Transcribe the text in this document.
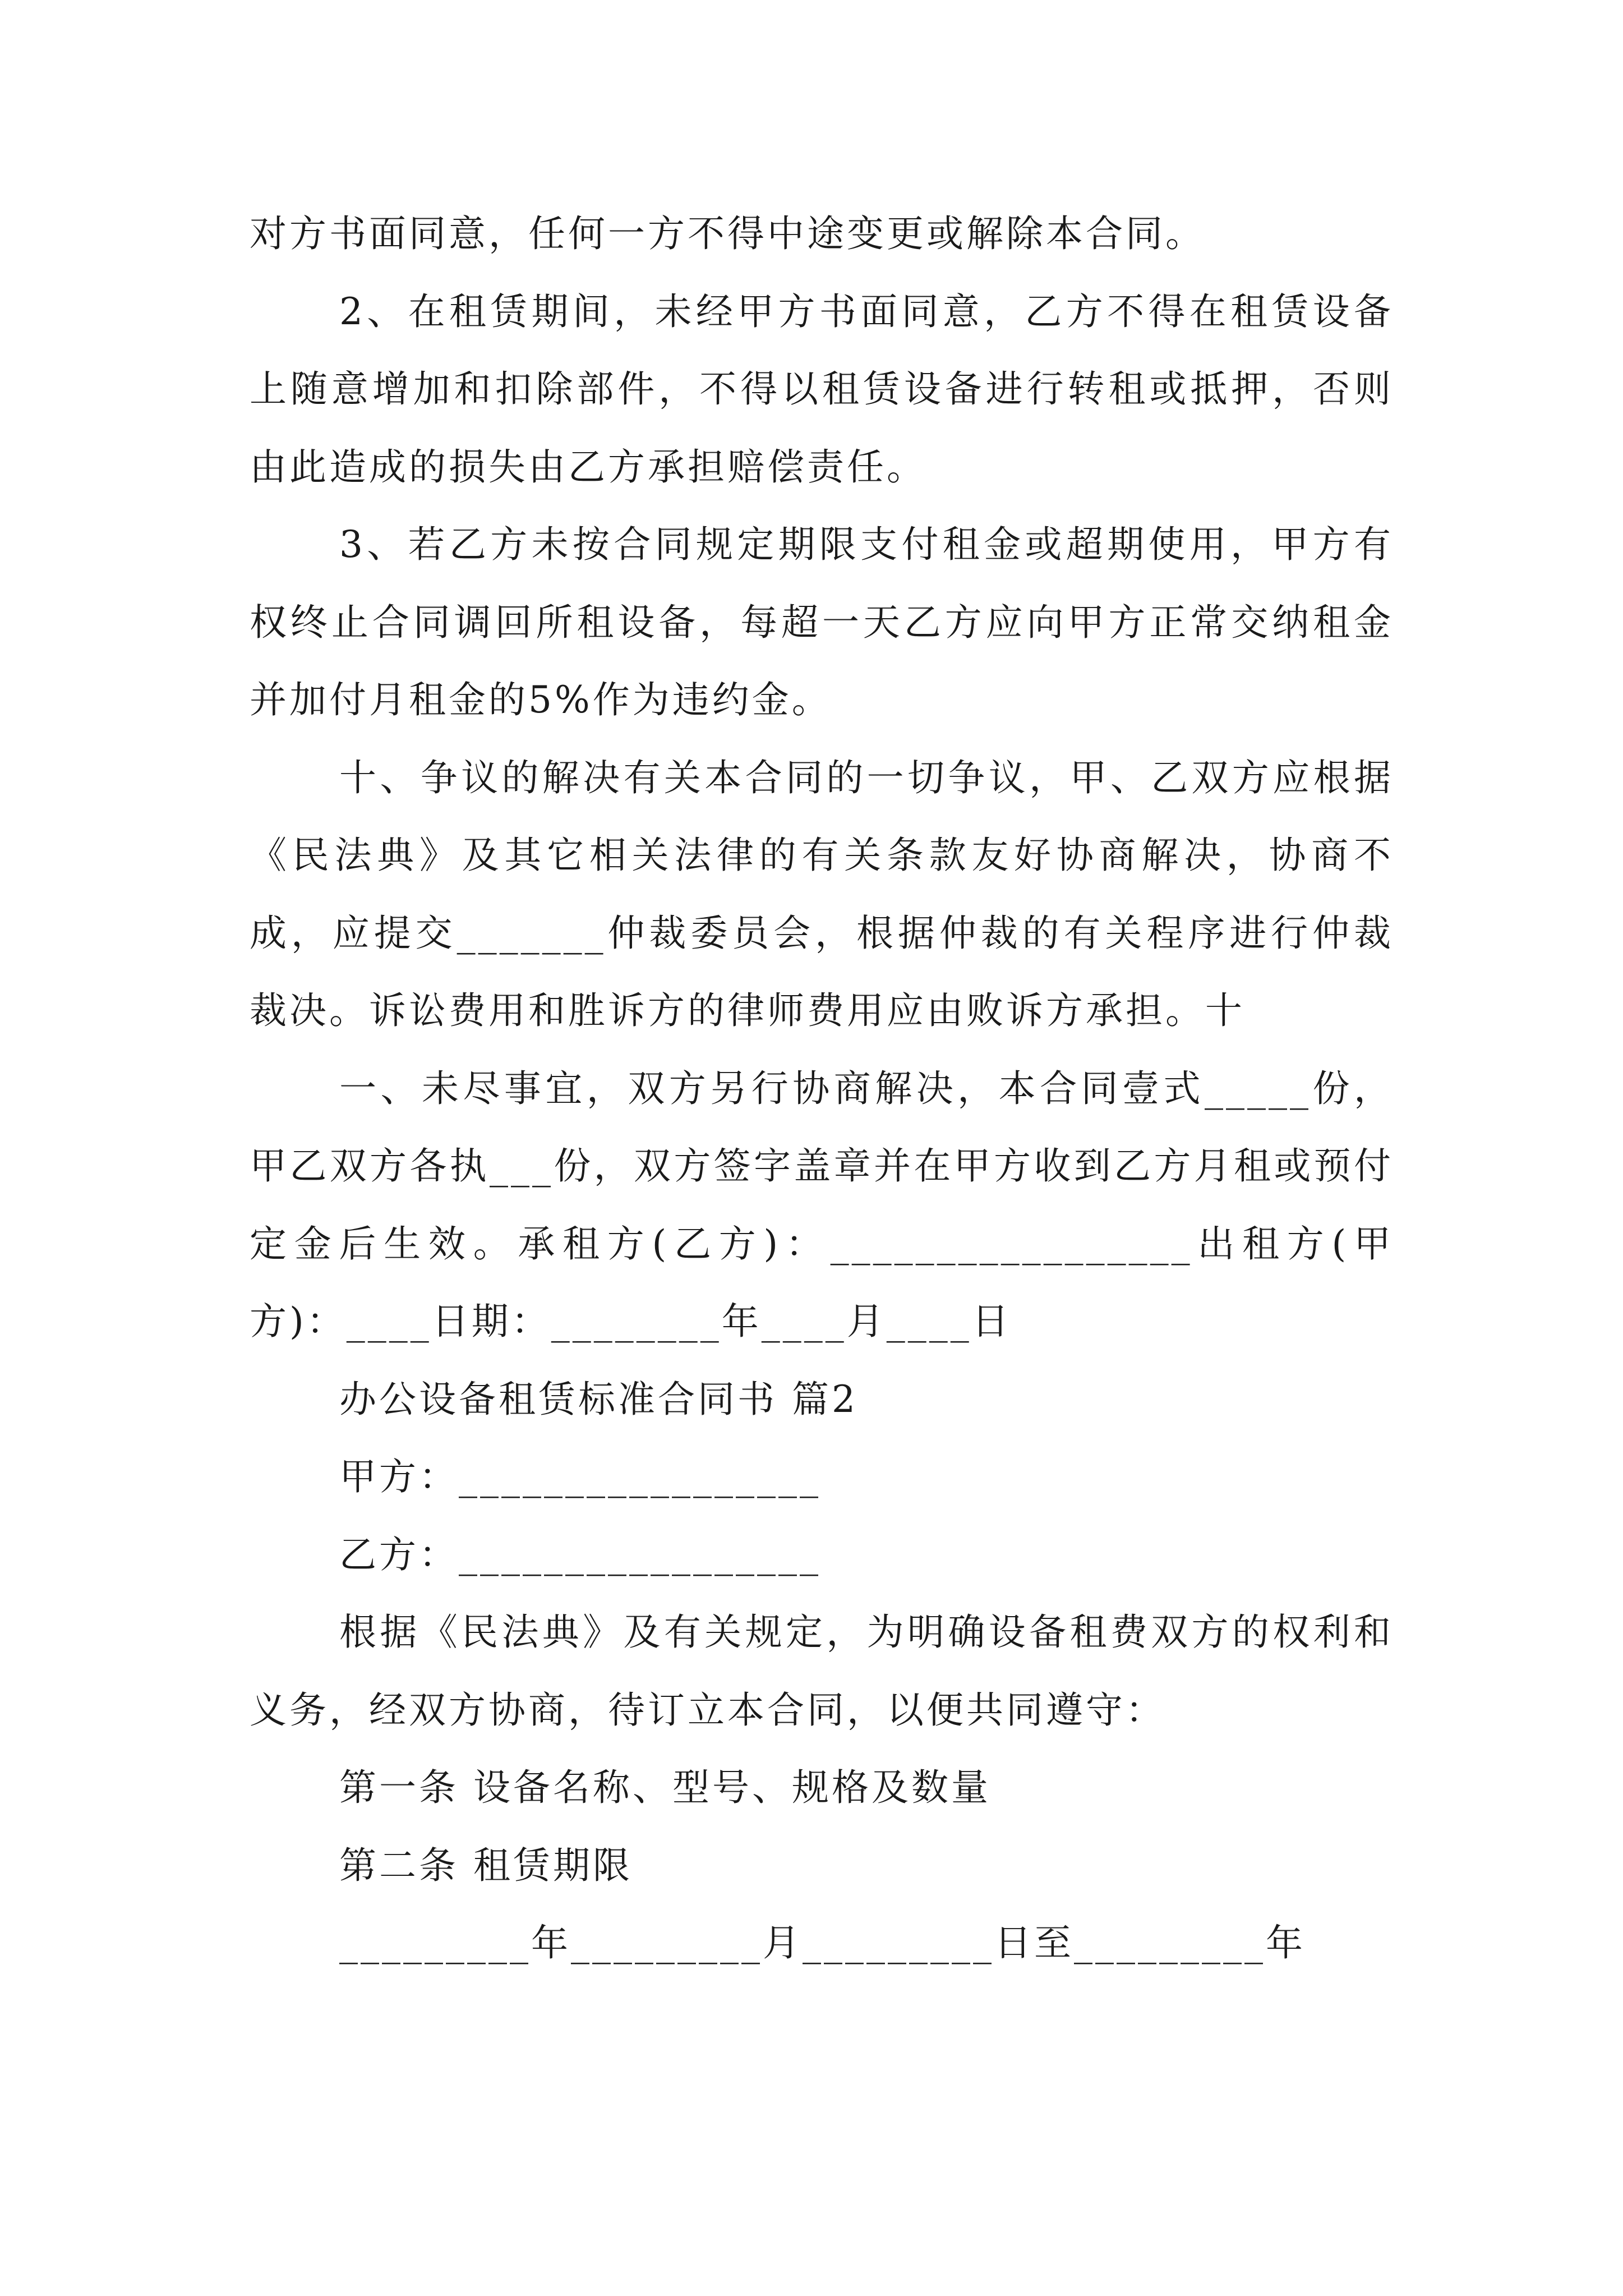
对方书面同意，任何一方不得中途变更或解除本合同。

2、在租赁期间，未经甲方书面同意，乙方不得在租赁设备上随意增加和扣除部件，不得以租赁设备进行转租或抵押，否则由此造成的损失由乙方承担赔偿责任。

3、若乙方未按合同规定期限支付租金或超期使用，甲方有权终止合同调回所租设备，每超一天乙方应向甲方正常交纳租金并加付月租金的5%作为违约金。

十、争议的解决有关本合同的一切争议，甲、乙双方应根据《民法典》及其它相关法律的有关条款友好协商解决，协商不成，应提交_______仲裁委员会，根据仲裁的有关程序进行仲裁裁决。诉讼费用和胜诉方的律师费用应由败诉方承担。十

一、未尽事宜，双方另行协商解决，本合同壹式_____份，甲乙双方各执___份，双方签字盖章并在甲方收到乙方月租或预付定金后生效。承租方(乙方)：_________________出租方(甲方)：____日期：________年____月____日

办公设备租赁标准合同书 篇2

甲方：_________________

乙方：_________________

根据《民法典》及有关规定，为明确设备租费双方的权利和义务，经双方协商，待订立本合同，以便共同遵守：

第一条 设备名称、型号、规格及数量

第二条 租赁期限

_________年_________月_________日至_________年
